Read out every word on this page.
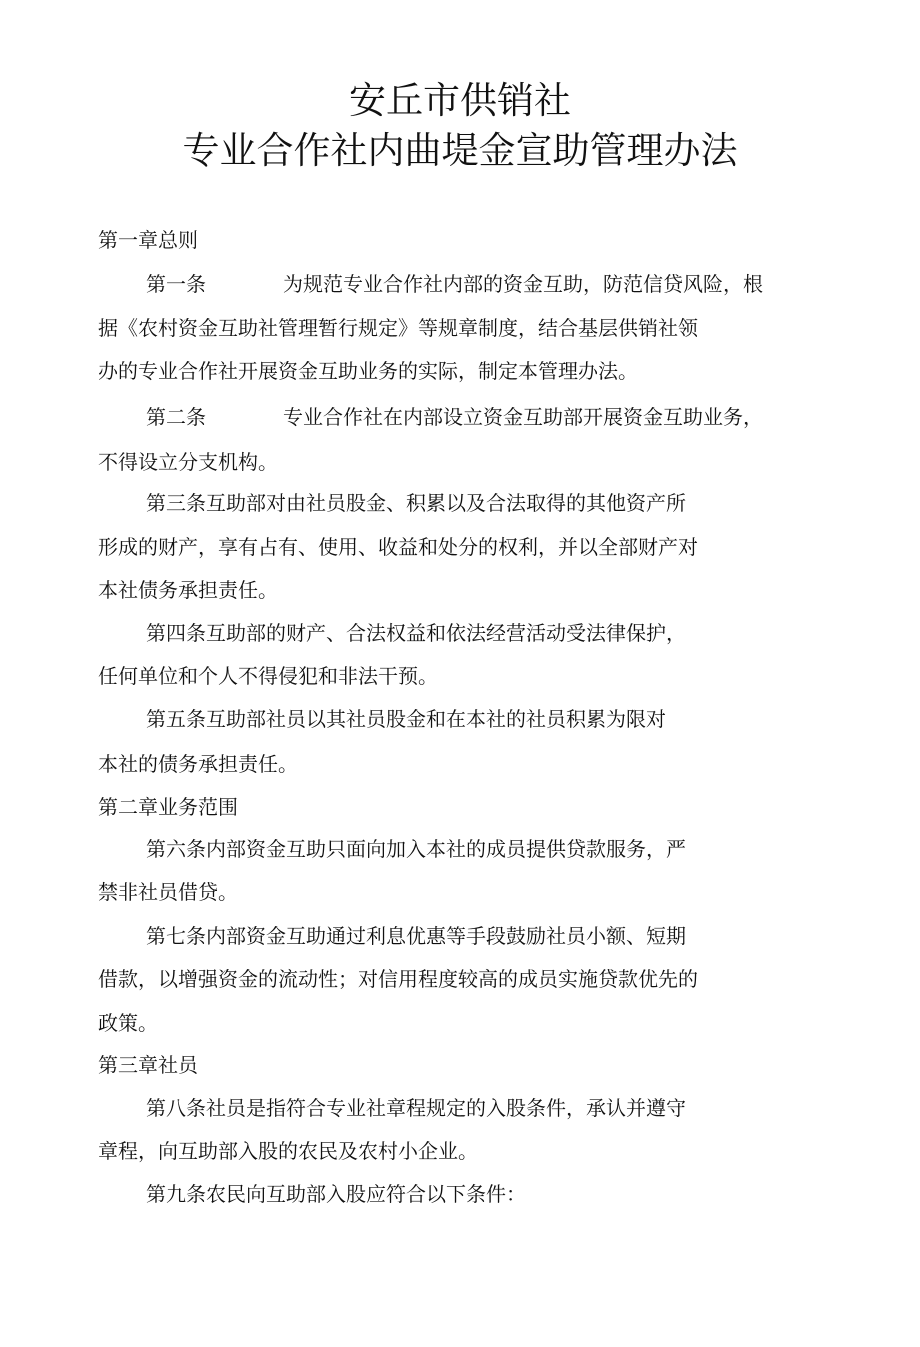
安丘市供销社
专业合作社内曲堤金宣助管理办法
第一章总则
第一条	为规范专业合作社内部的资金互助，防范信贷风险，根
据《农村资金互助社管理暂行规定》等规章制度，结合基层供销社领
办的专业合作社开展资金互助业务的实际，制定本管理办法。
第二条	专业合作社在内部设立资金互助部开展资金互助业务，
不得设立分支机构。
第三条互助部对由社员股金、积累以及合法取得的其他资产所
形成的财产，享有占有、使用、收益和处分的权利，并以全部财产对
本社债务承担责任。
第四条互助部的财产、合法权益和依法经营活动受法律保护，
任何单位和个人不得侵犯和非法干预。
第五条互助部社员以其社员股金和在本社的社员积累为限对
本社的债务承担责任。
第二章业务范围
第六条内部资金互助只面向加入本社的成员提供贷款服务，严
禁非社员借贷。
第七条内部资金互助通过利息优惠等手段鼓励社员小额、短期
借款，以增强资金的流动性；对信用程度较高的成员实施贷款优先的
政策。
第三章社员
第八条社员是指符合专业社章程规定的入股条件，承认并遵守
章程，向互助部入股的农民及农村小企业。
第九条农民向互助部入股应符合以下条件：
